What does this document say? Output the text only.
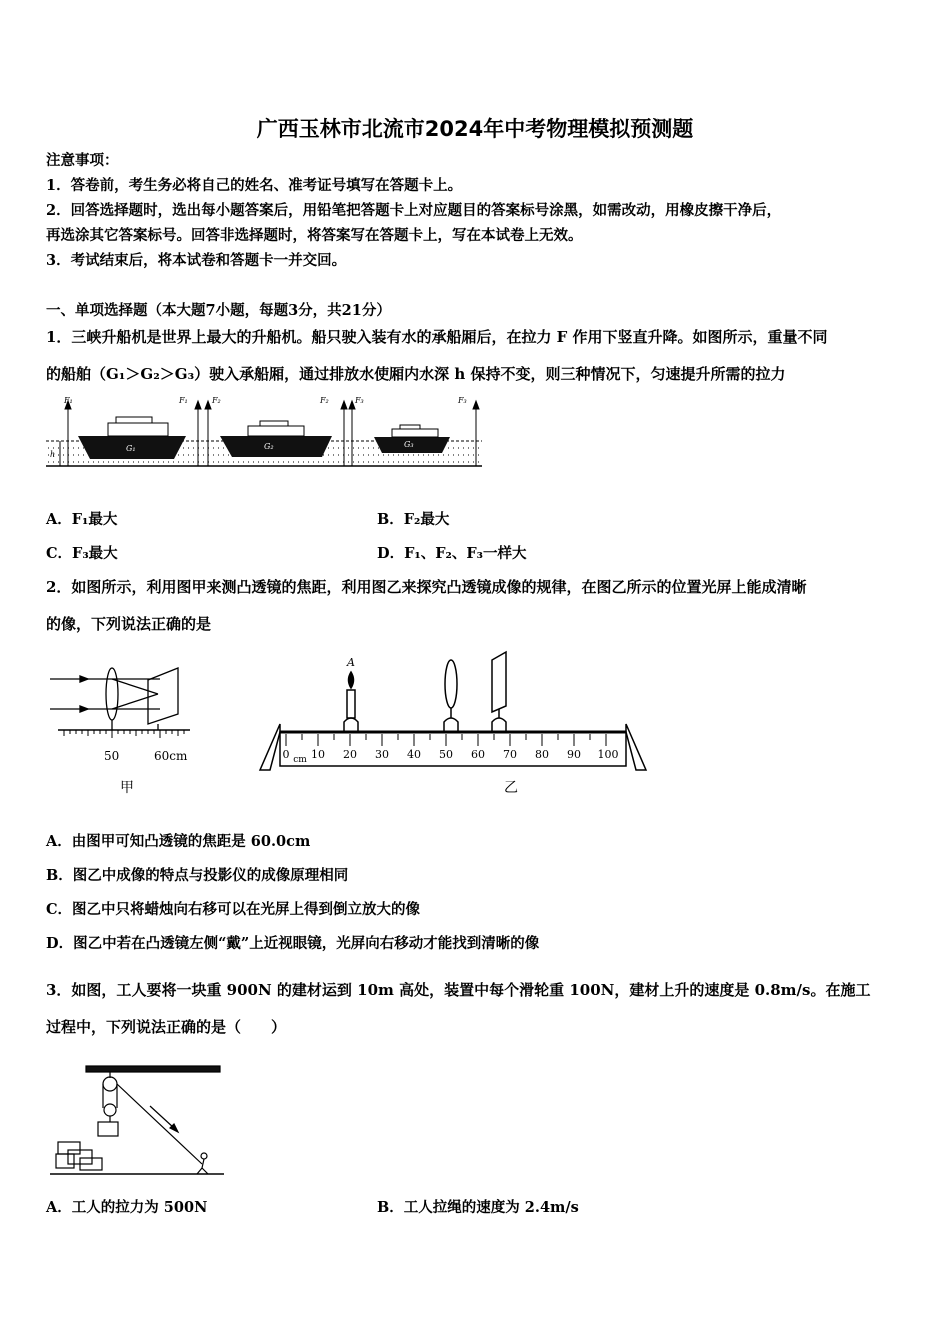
广西玉林市北流市2024年中考物理模拟预测题
注意事项：
1．答卷前，考生务必将自己的姓名、准考证号填写在答题卡上。
2．回答选择题时，选出每小题答案后，用铅笔把答题卡上对应题目的答案标号涂黑，如需改动，用橡皮擦干净后，
再选涂其它答案标号。回答非选择题时，将答案写在答题卡上，写在本试卷上无效。
3．考试结束后，将本试卷和答题卡一并交回。
一、单项选择题（本大题7小题，每题3分，共21分）
1．三峡升船机是世界上最大的升船机。船只驶入装有水的承船厢后，在拉力 F 作用下竖直升降。如图所示，重量不同
的船舶（G₁＞G₂＞G₃）驶入承船厢，通过排放水使厢内水深 h 保持不变，则三种情况下，匀速提升所需的拉力
F₁	F₁	F₂	F₂	F₃	F₃
G₁	G₂	G₃
h
A．F₁最大	B．F₂最大
C．F₃最大	D．F₁、F₂、F₃一样大
2．如图所示，利用图甲来测凸透镜的焦距，利用图乙来探究凸透镜成像的规律，在图乙所示的位置光屏上能成清晰
的像，下列说法正确的是
50	60cm
甲
0 cm 10 20 30 40 50 60 70 80 90 100
A
乙
A．由图甲可知凸透镜的焦距是 60.0cm
B．图乙中成像的特点与投影仪的成像原理相同
C．图乙中只将蜡烛向右移可以在光屏上得到倒立放大的像
D．图乙中若在凸透镜左侧“戴”上近视眼镜，光屏向右移动才能找到清晰的像
3．如图，工人要将一块重 900N 的建材运到 10m 高处，装置中每个滑轮重 100N，建材上升的速度是 0.8m/s。在施工
过程中，下列说法正确的是（　　）
A．工人的拉力为 500N	B．工人拉绳的速度为 2.4m/s
